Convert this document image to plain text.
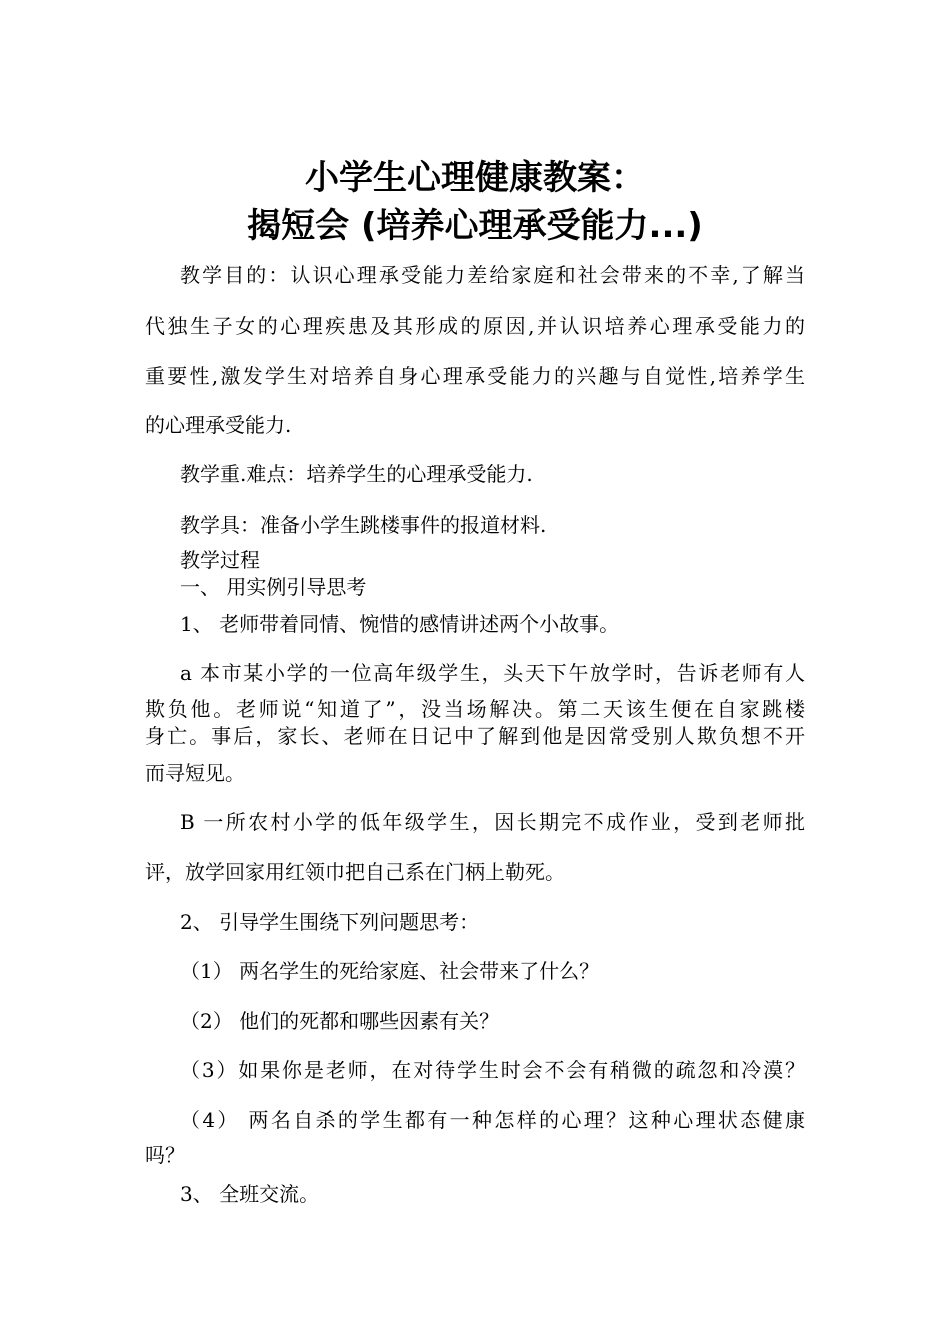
小学生心理健康教案：
揭短会 (培养心理承受能力...)
教学目的：认识心理承受能力差给家庭和社会带来的不幸,了解当
代独生子女的心理疾患及其形成的原因,并认识培养心理承受能力的
重要性,激发学生对培养自身心理承受能力的兴趣与自觉性,培养学生
的心理承受能力.
教学重.难点：培养学生的心理承受能力.
教学具：准备小学生跳楼事件的报道材料.
教学过程
一、 用实例引导思考
1、 老师带着同情、惋惜的感情讲述两个小故事。
a 本市某小学的一位高年级学生，头天下午放学时，告诉老师有人
欺负他。老师说“知道了”，没当场解决。第二天该生便在自家跳楼
身亡。事后，家长、老师在日记中了解到他是因常受别人欺负想不开
而寻短见。
B 一所农村小学的低年级学生，因长期完不成作业，受到老师批
评，放学回家用红领巾把自己系在门柄上勒死。
2、 引导学生围绕下列问题思考：
（1） 两名学生的死给家庭、社会带来了什么？
（2） 他们的死都和哪些因素有关？
（3）如果你是老师，在对待学生时会不会有稍微的疏忽和冷漠？
（4） 两名自杀的学生都有一种怎样的心理？这种心理状态健康
吗？
3、 全班交流。
